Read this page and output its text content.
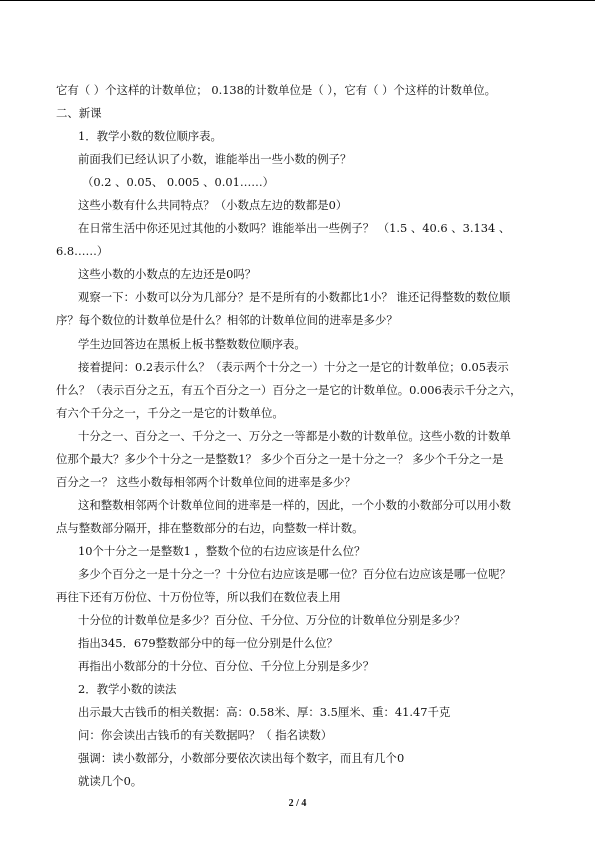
它有（ ）个这样的计数单位； 0.138的计数单位是（ ），它有（ ）个这样的计数单位。
二、新课
1．教学小数的数位顺序表。
前面我们已经认识了小数，谁能举出一些小数的例子？
（0.2 、0.05、 0.005 、0.01……）
这些小数有什么共同特点？（小数点左边的数都是0）
在日常生活中你还见过其他的小数吗？谁能举出一些例子？ （1.5 、40.6 、3.134 、
6.8……）
这些小数的小数点的左边还是0吗？
观察一下：小数可以分为几部分？是不是所有的小数都比1小？ 谁还记得整数的数位顺
序？每个数位的计数单位是什么？相邻的计数单位间的进率是多少？
学生边回答边在黑板上板书整数数位顺序表。
接着提问：0.2表示什么？（表示两个十分之一）十分之一是它的计数单位；0.05表示
什么？（表示百分之五，有五个百分之一）百分之一是它的计数单位。0.006表示千分之六，
有六个千分之一，千分之一是它的计数单位。
十分之一、百分之一、千分之一、万分之一等都是小数的计数单位。这些小数的计数单
位那个最大？多少个十分之一是整数1？ 多少个百分之一是十分之一？ 多少个千分之一是
百分之一？ 这些小数每相邻两个计数单位间的进率是多少？
这和整数相邻两个计数单位间的进率是一样的，因此，一个小数的小数部分可以用小数
点与整数部分隔开，排在整数部分的右边，向整数一样计数。
10个十分之一是整数1 ，整数个位的右边应该是什么位？
多少个百分之一是十分之一？十分位右边应该是哪一位？百分位右边应该是哪一位呢？
再往下还有万份位、十万份位等，所以我们在数位表上用
十分位的计数单位是多少？百分位、千分位、万分位的计数单位分别是多少？
指出345．679整数部分中的每一位分别是什么位？
再指出小数部分的十分位、百分位、千分位上分别是多少？
2．教学小数的读法
出示最大古钱币的相关数据：高：0.58米、厚：3.5厘米、重：41.47千克
问：你会读出古钱币的有关数据吗？（ 指名读数）
强调：读小数部分，小数部分要依次读出每个数字，而且有几个0
就读几个0。
2 / 4
